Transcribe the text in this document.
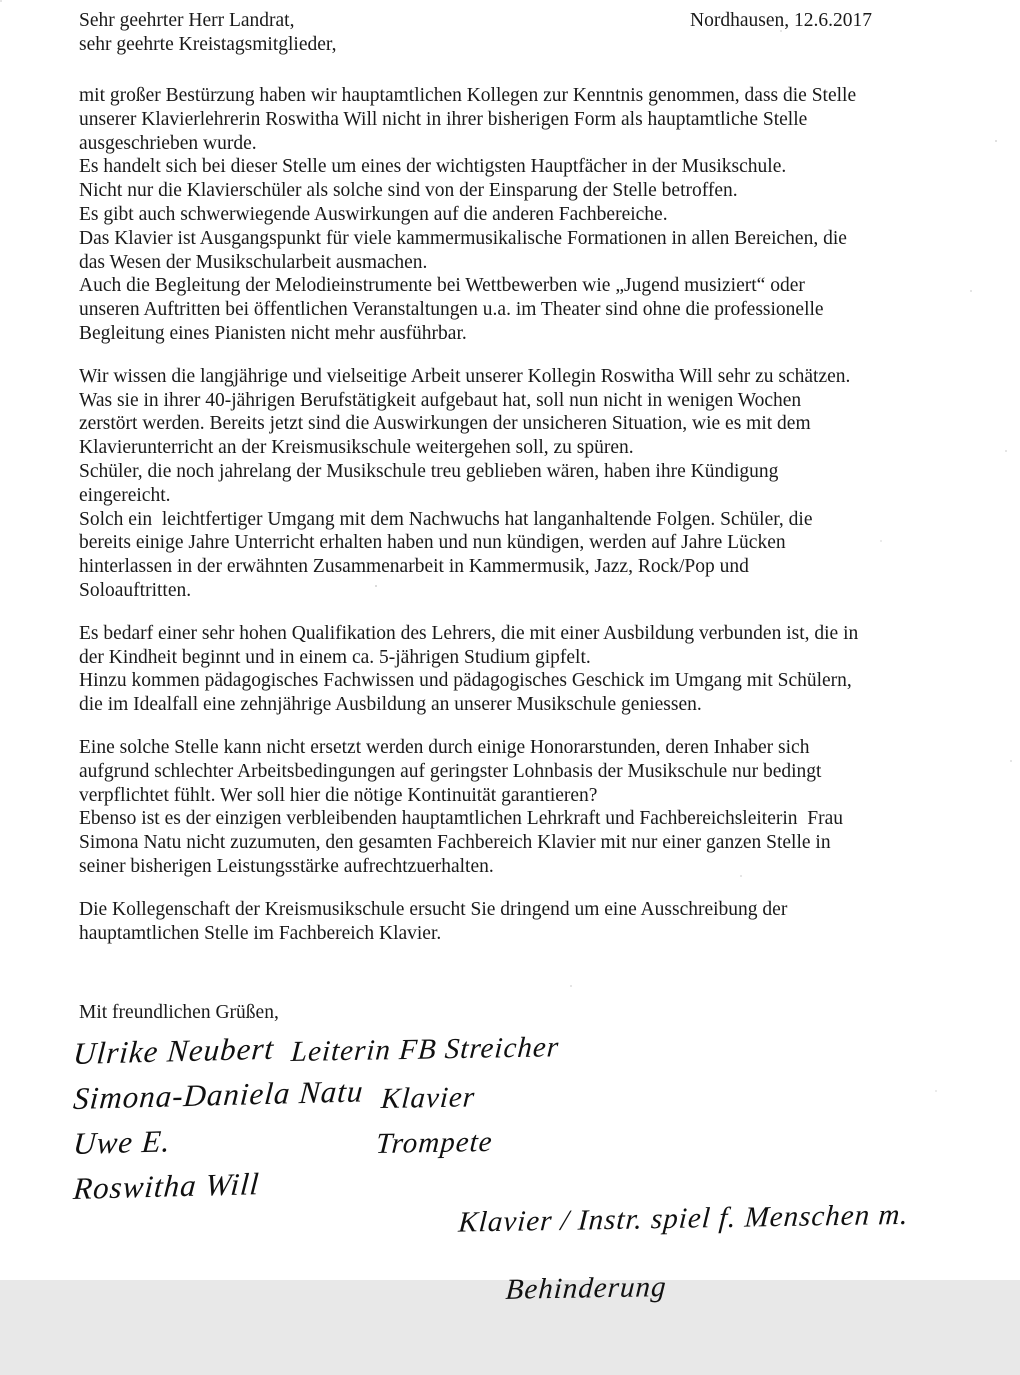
Sehr geehrter Herr Landrat,
sehr geehrte Kreistagsmitglieder,
Nordhausen, 12.6.2017
mit großer Bestürzung haben wir hauptamtlichen Kollegen zur Kenntnis genommen, dass die Stelle
unserer Klavierlehrerin Roswitha Will nicht in ihrer bisherigen Form als hauptamtliche Stelle
ausgeschrieben wurde.
Es handelt sich bei dieser Stelle um eines der wichtigsten Hauptfächer in der Musikschule.
Nicht nur die Klavierschüler als solche sind von der Einsparung der Stelle betroffen.
Es gibt auch schwerwiegende Auswirkungen auf die anderen Fachbereiche.
Das Klavier ist Ausgangspunkt für viele kammermusikalische Formationen in allen Bereichen, die
das Wesen der Musikschularbeit ausmachen.
Auch die Begleitung der Melodieinstrumente bei Wettbewerben wie „Jugend musiziert“ oder
unseren Auftritten bei öffentlichen Veranstaltungen u.a. im Theater sind ohne die professionelle
Begleitung eines Pianisten nicht mehr ausführbar.
Wir wissen die langjährige und vielseitige Arbeit unserer Kollegin Roswitha Will sehr zu schätzen.
Was sie in ihrer 40-jährigen Berufstätigkeit aufgebaut hat, soll nun nicht in wenigen Wochen
zerstört werden. Bereits jetzt sind die Auswirkungen der unsicheren Situation, wie es mit dem
Klavierunterricht an der Kreismusikschule weitergehen soll, zu spüren.
Schüler, die noch jahrelang der Musikschule treu geblieben wären, haben ihre Kündigung
eingereicht.
Solch ein  leichtfertiger Umgang mit dem Nachwuchs hat langanhaltende Folgen. Schüler, die
bereits einige Jahre Unterricht erhalten haben und nun kündigen, werden auf Jahre Lücken
hinterlassen in der erwähnten Zusammenarbeit in Kammermusik, Jazz, Rock/Pop und
Soloauftritten.
Es bedarf einer sehr hohen Qualifikation des Lehrers, die mit einer Ausbildung verbunden ist, die in
der Kindheit beginnt und in einem ca. 5-jährigen Studium gipfelt.
Hinzu kommen pädagogisches Fachwissen und pädagogisches Geschick im Umgang mit Schülern,
die im Idealfall eine zehnjährige Ausbildung an unserer Musikschule geniessen.
Eine solche Stelle kann nicht ersetzt werden durch einige Honorarstunden, deren Inhaber sich
aufgrund schlechter Arbeitsbedingungen auf geringster Lohnbasis der Musikschule nur bedingt
verpflichtet fühlt. Wer soll hier die nötige Kontinuität garantieren?
Ebenso ist es der einzigen verbleibenden hauptamtlichen Lehrkraft und Fachbereichsleiterin  Frau
Simona Natu nicht zuzumuten, den gesamten Fachbereich Klavier mit nur einer ganzen Stelle in
seiner bisherigen Leistungsstärke aufrechtzuerhalten.
Die Kollegenschaft der Kreismusikschule ersucht Sie dringend um eine Ausschreibung der
hauptamtlichen Stelle im Fachbereich Klavier.
Mit freundlichen Grüßen,
Ulrike Neubert Leiterin FB Streicher
Simona-Daniela Natu Klavier
Uwe E.	Trompete
Roswitha Will

Klavier / Instr. spiel f. Menschen m.

Behinderung
